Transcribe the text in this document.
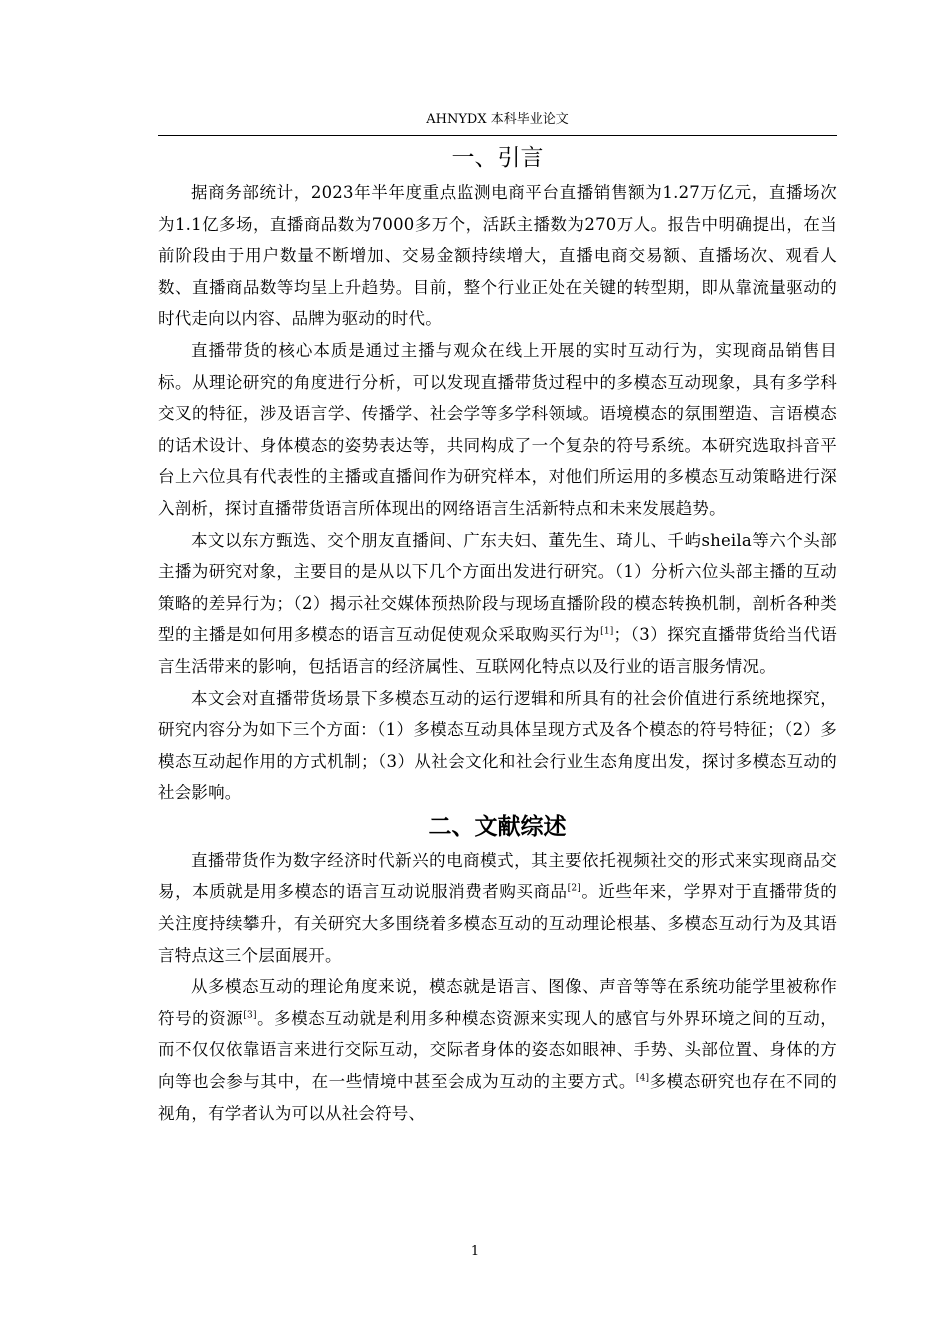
AHNYDX 本科毕业论文
一、引言

据商务部统计，2023年半年度重点监测电商平台直播销售额为1.27万亿元，直播场次为1.1亿多场，直播商品数为7000多万个，活跃主播数为270万人。报告中明确提出，在当前阶段由于用户数量不断增加、交易金额持续增大，直播电商交易额、直播场次、观看人数、直播商品数等均呈上升趋势。目前，整个行业正处在关键的转型期，即从靠流量驱动的时代走向以内容、品牌为驱动的时代。

直播带货的核心本质是通过主播与观众在线上开展的实时互动行为，实现商品销售目标。从理论研究的角度进行分析，可以发现直播带货过程中的多模态互动现象，具有多学科交叉的特征，涉及语言学、传播学、社会学等多学科领域。语境模态的氛围塑造、言语模态的话术设计、身体模态的姿势表达等，共同构成了一个复杂的符号系统。本研究选取抖音平台上六位具有代表性的主播或直播间作为研究样本，对他们所运用的多模态互动策略进行深入剖析，探讨直播带货语言所体现出的网络语言生活新特点和未来发展趋势。

本文以东方甄选、交个朋友直播间、广东夫妇、董先生、琦儿、千屿sheila等六个头部主播为研究对象，主要目的是从以下几个方面出发进行研究。（1）分析六位头部主播的互动策略的差异行为；（2）揭示社交媒体预热阶段与现场直播阶段的模态转换机制，剖析各种类型的主播是如何用多模态的语言互动促使观众采取购买行为[1]；（3）探究直播带货给当代语言生活带来的影响，包括语言的经济属性、互联网化特点以及行业的语言服务情况。

本文会对直播带货场景下多模态互动的运行逻辑和所具有的社会价值进行系统地探究，研究内容分为如下三个方面：（1）多模态互动具体呈现方式及各个模态的符号特征；（2）多模态互动起作用的方式机制；（3）从社会文化和社会行业生态角度出发，探讨多模态互动的社会影响。

二、文献综述

直播带货作为数字经济时代新兴的电商模式，其主要依托视频社交的形式来实现商品交易，本质就是用多模态的语言互动说服消费者购买商品[2]。近些年来，学界对于直播带货的关注度持续攀升，有关研究大多围绕着多模态互动的互动理论根基、多模态互动行为及其语言特点这三个层面展开。

从多模态互动的理论角度来说，模态就是语言、图像、声音等等在系统功能学里被称作符号的资源[3]。多模态互动就是利用多种模态资源来实现人的感官与外界环境之间的互动，而不仅仅依靠语言来进行交际互动，交际者身体的姿态如眼神、手势、头部位置、身体的方向等也会参与其中，在一些情境中甚至会成为互动的主要方式。[4]多模态研究也存在不同的视角，有学者认为可以从社会符号、

1
